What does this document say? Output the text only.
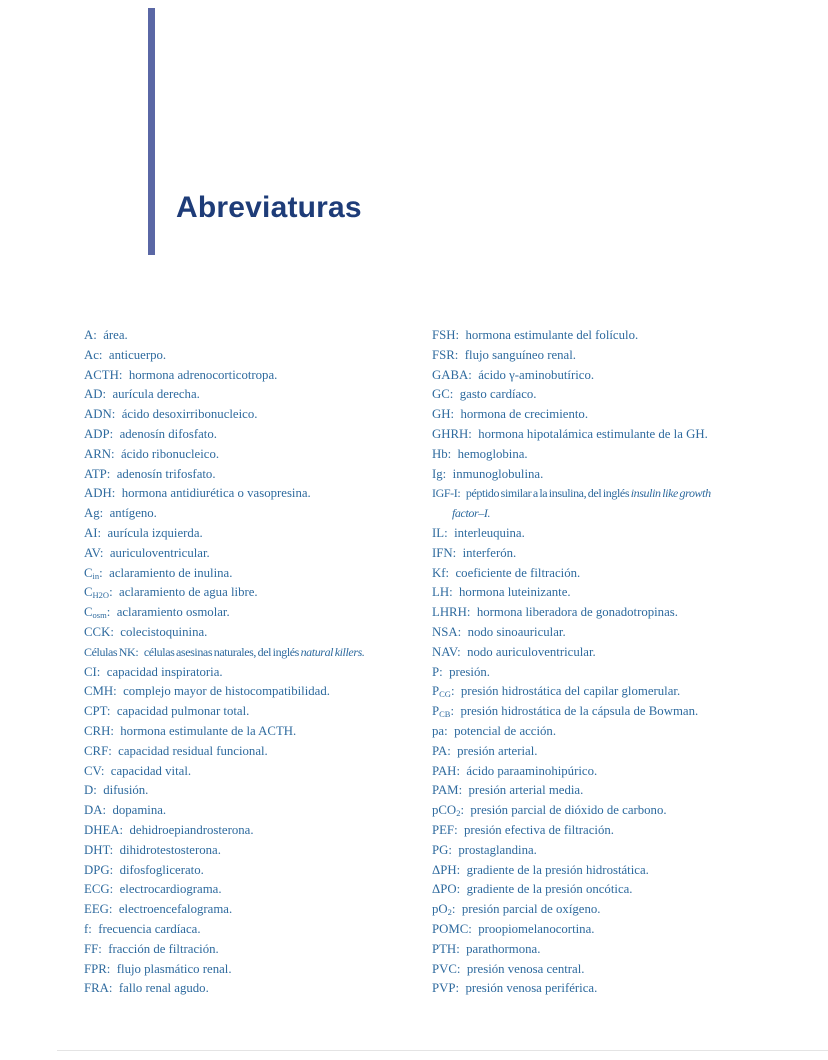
Abreviaturas

A: área.

Ac: anticuerpo.

ACTH: hormona adrenocorticotropa.

AD: aurícula derecha.

ADN: ácido desoxirribonucleico.

ADP: adenosín difosfato.

ARN: ácido ribonucleico.

ATP: adenosín trifosfato.

ADH: hormona antidiurética o vasopresina.

Ag: antígeno.

AI: aurícula izquierda.

AV: auriculoventricular.

$C_{in}$: aclaramiento de inulina.

$C_{H2O}$: aclaramiento de agua libre.

$C_{osm}$: aclaramiento osmolar.

CCK: colecistoquinina.

Células NK: células asesinas naturales, del inglés natural killers.

CI: capacidad inspiratoria.

CMH: complejo mayor de histocompatibilidad.

CPT: capacidad pulmonar total.

CRH: hormona estimulante de la ACTH.

CRF: capacidad residual funcional.

CV: capacidad vital.

D: difusión.

DA: dopamina.

DHEA: dehidroepiandrosterona.

DHT: dihidrotestosterona.

DPG: difosfoglicerato.

ECG: electrocardiograma.

EEG: electroencefalograma.

f: frecuencia cardíaca.

FF: fracción de filtración.

FPR: flujo plasmático renal.

FRA: fallo renal agudo.

FSH: hormona estimulante del folículo.

FSR: flujo sanguíneo renal.

GABA: ácido γ-aminobutírico.

GC: gasto cardíaco.

GH: hormona de crecimiento.

GHRH: hormona hipotalámica estimulante de la GH.

Hb: hemoglobina.

Ig: inmunoglobulina.

IGF-I: péptido similar a la insulina, del inglés insulin like growth
factor–I.

IL: interleuquina.

IFN: interferón.

Kf: coeficiente de filtración.

LH: hormona luteinizante.

LHRH: hormona liberadora de gonadotropinas.

NSA: nodo sinoauricular.

NAV: nodo auriculoventricular.

P: presión.

$P_{CG}$: presión hidrostática del capilar glomerular.

$P_{CB}$: presión hidrostática de la cápsula de Bowman.

pa: potencial de acción.

PA: presión arterial.

PAH: ácido paraaminohipúrico.

PAM: presión arterial media.

pCO$_2$: presión parcial de dióxido de carbono.

PEF: presión efectiva de filtración.

PG: prostaglandina.

ΔPH: gradiente de la presión hidrostática.

ΔPO: gradiente de la presión oncótica.

$pO_2$: presión parcial de oxígeno.

POMC: proopiomelanocortina.

PTH: parathormona.

PVC: presión venosa central.

PVP: presión venosa periférica.
